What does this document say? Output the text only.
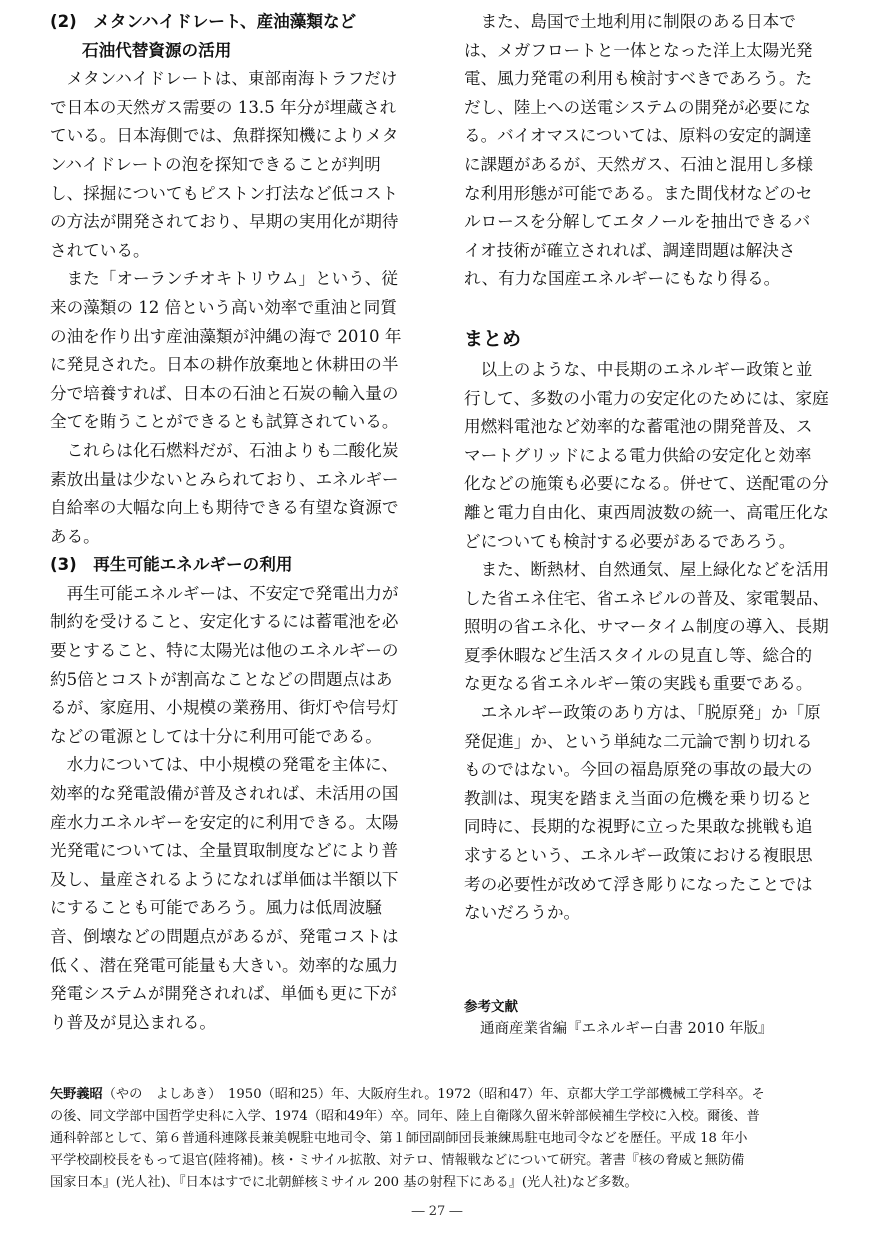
(2)　メタンハイドレート、産油藻類など
石油代替資源の活用
　メタンハイドレートは、東部南海トラフだけ
で日本の天然ガス需要の 13.5 年分が埋蔵され
ている。日本海側では、魚群探知機によりメタ
ンハイドレートの泡を探知できることが判明
し、採掘についてもピストン打法など低コスト
の方法が開発されており、早期の実用化が期待
されている。
　また「オーランチオキトリウム」という、従
来の藻類の 12 倍という高い効率で重油と同質
の油を作り出す産油藻類が沖縄の海で 2010 年
に発見された。日本の耕作放棄地と休耕田の半
分で培養すれば、日本の石油と石炭の輸入量の
全てを賄うことができるとも試算されている。
　これらは化石燃料だが、石油よりも二酸化炭
素放出量は少ないとみられており、エネルギー
自給率の大幅な向上も期待できる有望な資源で
ある。
(3)　再生可能エネルギーの利用
　再生可能エネルギーは、不安定で発電出力が
制約を受けること、安定化するには蓄電池を必
要とすること、特に太陽光は他のエネルギーの
約5倍とコストが割高なことなどの問題点はあ
るが、家庭用、小規模の業務用、街灯や信号灯
などの電源としては十分に利用可能である。
　水力については、中小規模の発電を主体に、
効率的な発電設備が普及されれば、未活用の国
産水力エネルギーを安定的に利用できる。太陽
光発電については、全量買取制度などにより普
及し、量産されるようになれば単価は半額以下
にすることも可能であろう。風力は低周波騒
音、倒壊などの問題点があるが、発電コストは
低く、潜在発電可能量も大きい。効率的な風力
発電システムが開発されれば、単価も更に下が
り普及が見込まれる。
　また、島国で土地利用に制限のある日本で
は、メガフロートと一体となった洋上太陽光発
電、風力発電の利用も検討すべきであろう。た
だし、陸上への送電システムの開発が必要にな
る。バイオマスについては、原料の安定的調達
に課題があるが、天然ガス、石油と混用し多様
な利用形態が可能である。また間伐材などのセ
ルロースを分解してエタノールを抽出できるバ
イオ技術が確立されれば、調達問題は解決さ
れ、有力な国産エネルギーにもなり得る。
まとめ
　以上のような、中長期のエネルギー政策と並
行して、多数の小電力の安定化のためには、家庭
用燃料電池など効率的な蓄電池の開発普及、ス
マートグリッドによる電力供給の安定化と効率
化などの施策も必要になる。併せて、送配電の分
離と電力自由化、東西周波数の統一、高電圧化な
どについても検討する必要があるであろう。
　また、断熱材、自然通気、屋上緑化などを活用
した省エネ住宅、省エネビルの普及、家電製品、
照明の省エネ化、サマータイム制度の導入、長期
夏季休暇など生活スタイルの見直し等、総合的
な更なる省エネルギー策の実践も重要である。
　エネルギー政策のあり方は、「脱原発」か「原
発促進」か、という単純な二元論で割り切れる
ものではない。今回の福島原発の事故の最大の
教訓は、現実を踏まえ当面の危機を乗り切ると
同時に、長期的な視野に立った果敢な挑戦も追
求するという、エネルギー政策における複眼思
考の必要性が改めて浮き彫りになったことでは
ないだろうか。
参考文献
通商産業省編『エネルギー白書 2010 年版』
矢野義昭（やの　よしあき）　1950（昭和25）年、大阪府生れ。1972（昭和47）年、京都大学工学部機械工学科卒。そ
の後、同文学部中国哲学史科に入学、1974（昭和49年）卒。同年、陸上自衛隊久留米幹部候補生学校に入校。爾後、普
通科幹部として、第６普通科連隊長兼美幌駐屯地司令、第１師団副師団長兼練馬駐屯地司令などを歴任。平成 18 年小
平学校副校長をもって退官(陸将補)。核・ミサイル拡散、対テロ、情報戦などについて研究。著書『核の脅威と無防備
国家日本』(光人社)、『日本はすでに北朝鮮核ミサイル 200 基の射程下にある』(光人社)など多数。
― 27 ―
